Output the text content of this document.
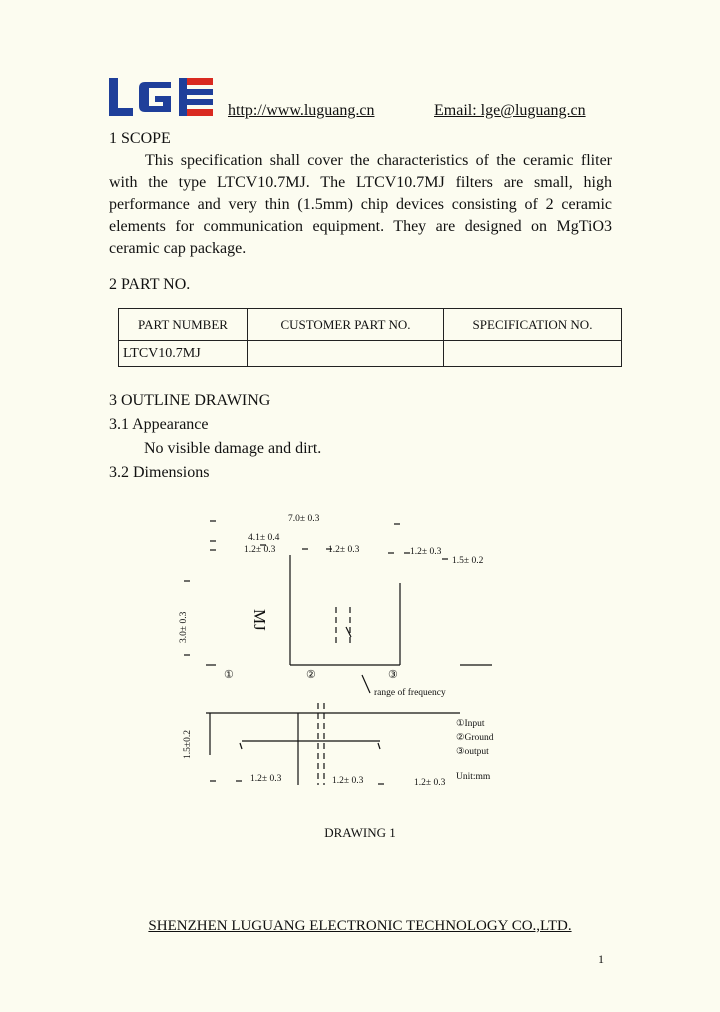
http://www.luguang.cn	Email: lge@luguang.cn
1 SCOPE
This specification shall cover the characteristics of the ceramic fliter with the type LTCV10.7MJ. The LTCV10.7MJ filters are small, high performance and very thin (1.5mm) chip devices consisting of 2 ceramic elements for communication equipment. They are designed on MgTiO3 ceramic cap package.
2 PART NO.
PART NUMBER	CUSTOMER PART NO.	SPECIFICATION NO.
LTCV10.7MJ		
3 OUTLINE DRAWING
3.1 Appearance
No visible damage and dirt.
3.2 Dimensions
7.0± 0.3
4.1± 0.4
1.2± 0.3	1.2± 0.3	1.2± 0.3
1.5± 0.2
3.0± 0.3	MJ
①	②	③
range of frequency
1.5±0.2
①Input
②Ground
③output
Unit:mm
1.2± 0.3	1.2± 0.3	1.2± 0.3
DRAWING 1
SHENZHEN LUGUANG ELECTRONIC TECHNOLOGY CO.,LTD.
1
